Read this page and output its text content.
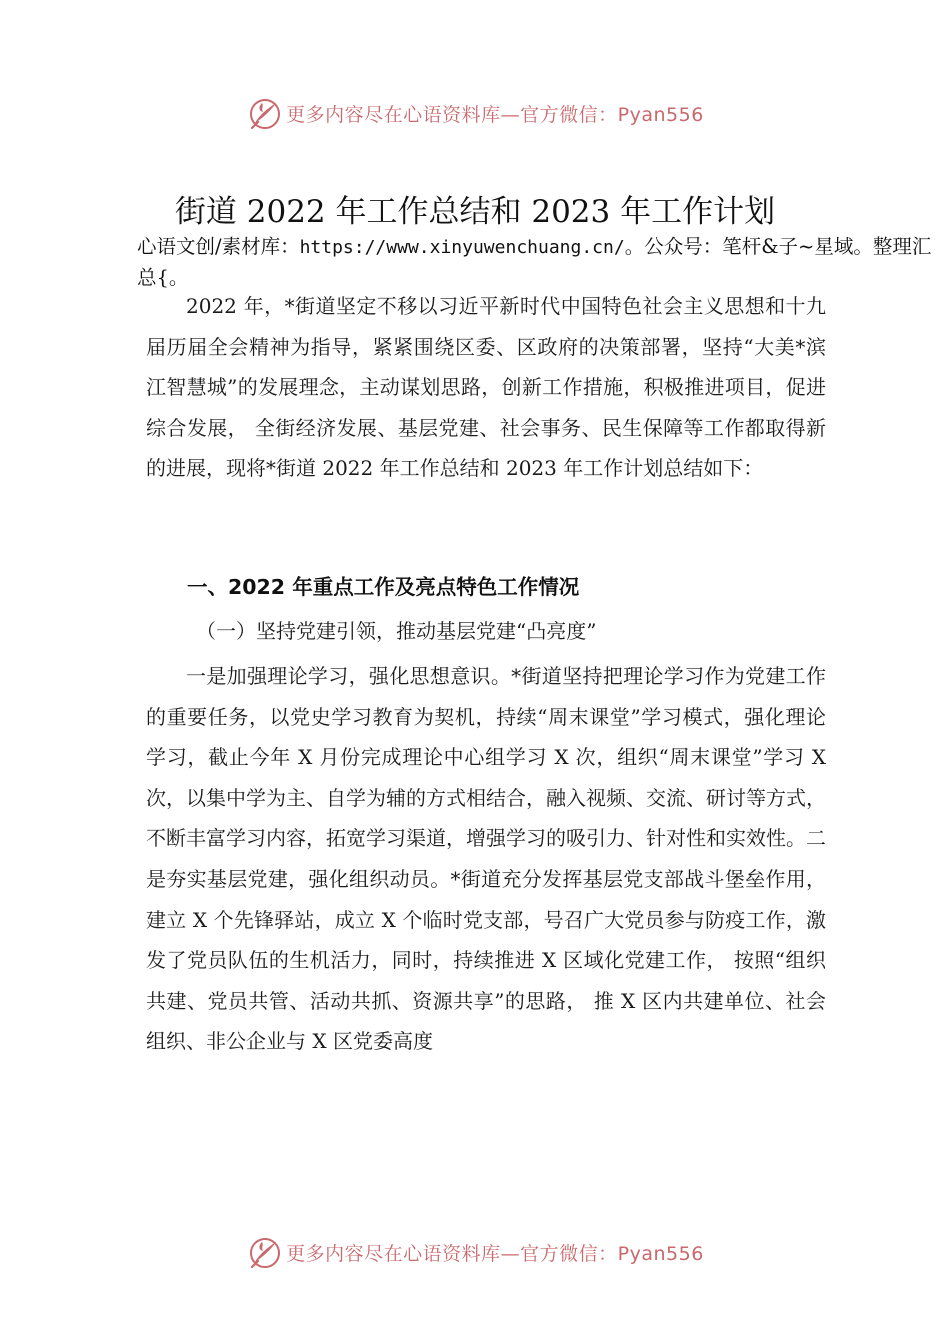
更多内容尽在心语资料库—官方微信：Pyan556
街道 2022 年工作总结和 2023 年工作计划
心语文创/素材库：https://www.xinyuwenchuang.cn/。公众号：笔杆&子~星域。整理汇总{。

2022 年，*街道坚定不移以习近平新时代中国特色社会主义思想和十九届历届全会精神为指导，紧紧围绕区委、区政府的决策部署，坚持“大美*滨江智慧城”的发展理念，主动谋划思路，创新工作措施，积极推进项目，促进综合发展， 全街经济发展、基层党建、社会事务、民生保障等工作都取得新的进展，现将*街道 2022 年工作总结和 2023 年工作计划总结如下：

一、2022 年重点工作及亮点特色工作情况

（一）坚持党建引领，推动基层党建“凸亮度”

一是加强理论学习，强化思想意识。*街道坚持把理论学习作为党建工作的重要任务，以党史学习教育为契机，持续“周末课堂”学习模式，强化理论学习，截止今年 X 月份完成理论中心组学习 X 次，组织“周末课堂”学习 X 次，以集中学为主、自学为辅的方式相结合，融入视频、交流、研讨等方式，不断丰富学习内容，拓宽学习渠道，增强学习的吸引力、针对性和实效性。二是夯实基层党建，强化组织动员。*街道充分发挥基层党支部战斗堡垒作用，建立 X 个先锋驿站，成立 X 个临时党支部，号召广大党员参与防疫工作，激发了党员队伍的生机活力，同时，持续推进 X 区域化党建工作， 按照“组织共建、党员共管、活动共抓、资源共享”的思路， 推 X 区内共建单位、社会组织、非公企业与 X 区党委高度

更多内容尽在心语资料库—官方微信：Pyan556
